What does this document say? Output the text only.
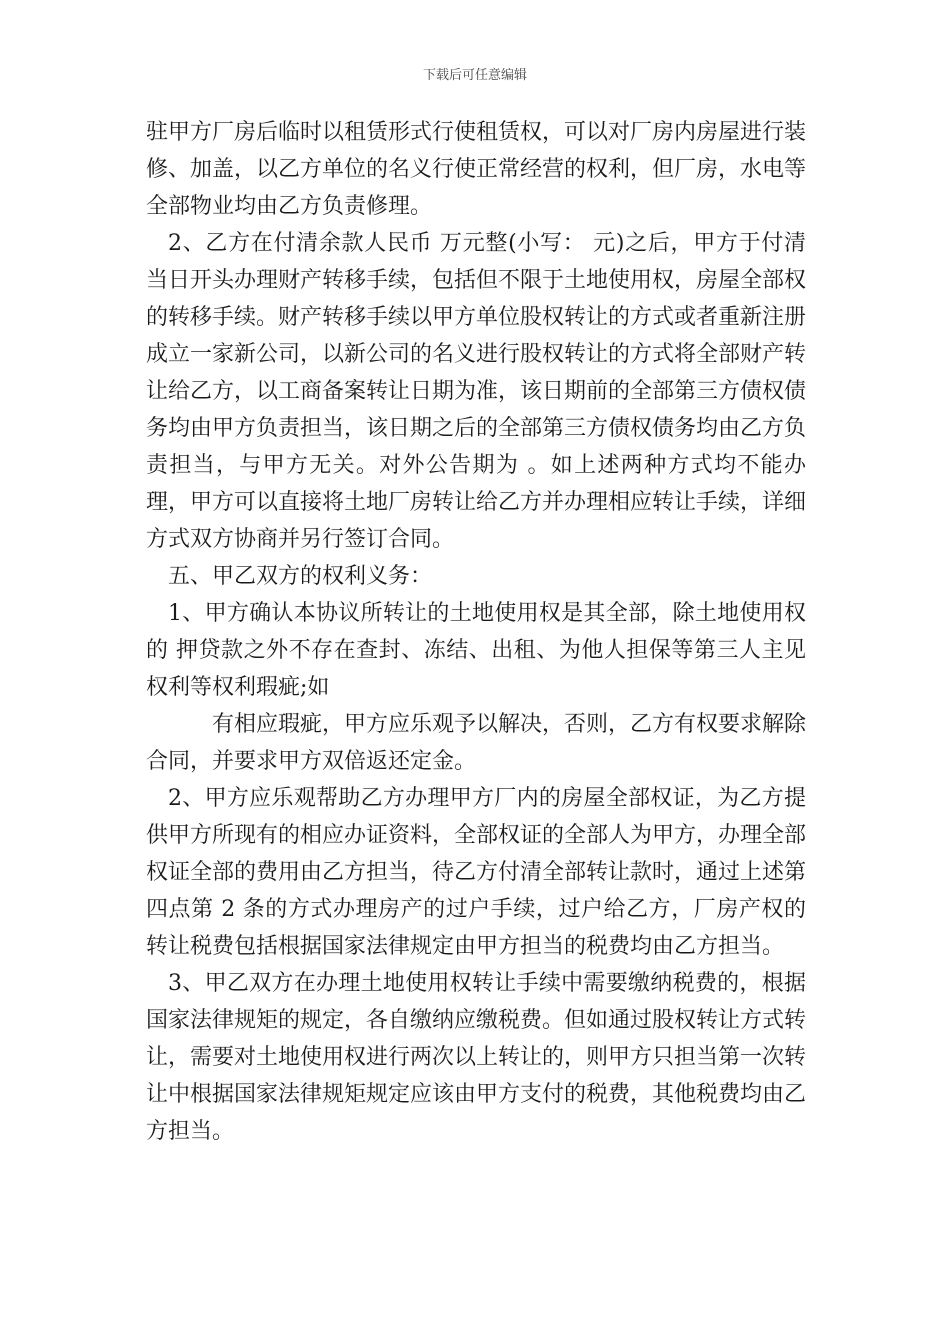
下载后可任意编辑

驻甲方厂房后临时以租赁形式行使租赁权，可以对厂房内房屋进行装修、加盖，以乙方单位的名义行使正常经营的权利，但厂房，水电等全部物业均由乙方负责修理。

2、乙方在付清余款人民币 万元整(小写： 元)之后，甲方于付清当日开头办理财产转移手续，包括但不限于土地使用权，房屋全部权的转移手续。财产转移手续以甲方单位股权转让的方式或者重新注册成立一家新公司，以新公司的名义进行股权转让的方式将全部财产转让给乙方，以工商备案转让日期为准，该日期前的全部第三方债权债务均由甲方负责担当，该日期之后的全部第三方债权债务均由乙方负责担当，与甲方无关。对外公告期为 。如上述两种方式均不能办理，甲方可以直接将土地厂房转让给乙方并办理相应转让手续，详细方式双方协商并另行签订合同。

五、甲乙双方的权利义务：

1、甲方确认本协议所转让的土地使用权是其全部，除土地使用权的 押贷款之外不存在查封、冻结、出租、为他人担保等第三人主见权利等权利瑕疵;如

有相应瑕疵，甲方应乐观予以解决，否则，乙方有权要求解除合同，并要求甲方双倍返还定金。

2、甲方应乐观帮助乙方办理甲方厂内的房屋全部权证，为乙方提供甲方所现有的相应办证资料，全部权证的全部人为甲方，办理全部权证全部的费用由乙方担当，待乙方付清全部转让款时，通过上述第四点第 2 条的方式办理房产的过户手续，过户给乙方，厂房产权的转让税费包括根据国家法律规定由甲方担当的税费均由乙方担当。

3、甲乙双方在办理土地使用权转让手续中需要缴纳税费的，根据国家法律规矩的规定，各自缴纳应缴税费。但如通过股权转让方式转让，需要对土地使用权进行两次以上转让的，则甲方只担当第一次转让中根据国家法律规矩规定应该由甲方支付的税费，其他税费均由乙方担当。
